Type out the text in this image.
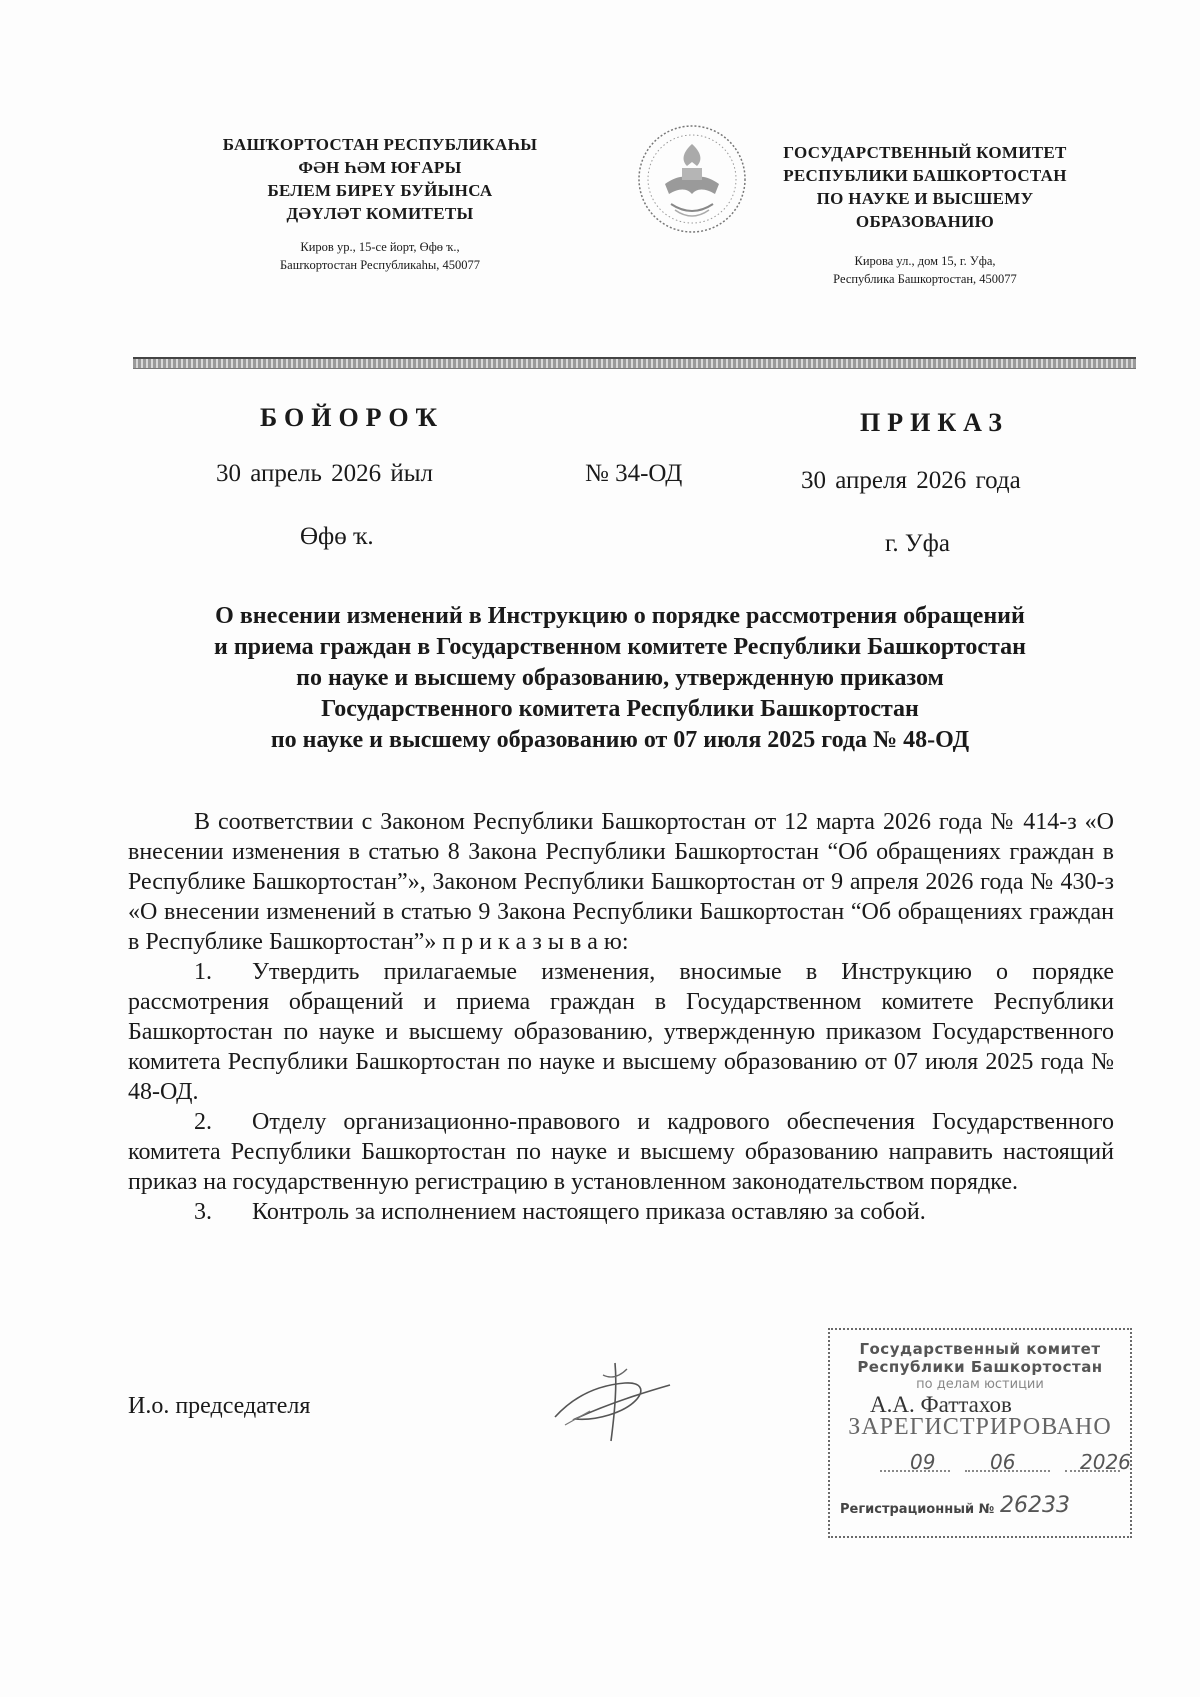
БАШҠОРТОСТАН РЕСПУБЛИКАҺЫ
ФӘН ҺӘМ ЮҒАРЫ
БЕЛЕМ БИРЕҮ БУЙЫНСА
ДӘҮЛӘТ КОМИТЕТЫ
Киров ур., 15-се йорт, Өфө ҡ.,
Башҡортостан Республикаһы, 450077
ГОСУДАРСТВЕННЫЙ КОМИТЕТ
РЕСПУБЛИКИ БАШКОРТОСТАН
ПО НАУКЕ И ВЫСШЕМУ
ОБРАЗОВАНИЮ
Кирова ул., дом 15, г. Уфа,
Республика Башкортостан, 450077
БОЙОРОҠ	ПРИКАЗ
30 апрель 2026 йыл	№ 34-ОД	30 апреля 2026 года
Өфө ҡ.	г. Уфа
О внесении изменений в Инструкцию о порядке рассмотрения обращений
и приема граждан в Государственном комитете Республики Башкортостан
по науке и высшему образованию, утвержденную приказом
Государственного комитета Республики Башкортостан
по науке и высшему образованию от 07 июля 2025 года № 48-ОД

В соответствии с Законом Республики Башкортостан от 12 марта 2026 года № 414-з «О внесении изменения в статью 8 Закона Республики Башкортостан “Об обращениях граждан в Республике Башкортостан”», Законом Республики Башкортостан от 9 апреля 2026 года № 430-з «О внесении изменений в статью 9 Закона Республики Башкортостан “Об обращениях граждан в Республике Башкортостан”» п р и к а з ы в а ю:

1. Утвердить прилагаемые изменения, вносимые в Инструкцию о порядке рассмотрения обращений и приема граждан в Государственном комитете Республики Башкортостан по науке и высшему образованию, утвержденную приказом Государственного комитета Республики Башкортостан по науке и высшему образованию от 07 июля 2025 года № 48-ОД.

2. Отделу организационно-правового и кадрового обеспечения Государственного комитета Республики Башкортостан по науке и высшему образованию направить настоящий приказ на государственную регистрацию в установленном законодательством порядке.

3. Контроль за исполнением настоящего приказа оставляю за собой.

И.о. председателя
Государственный комитет
Республики Башкортостан
по делам юстиции
А.А. Фаттахов
ЗАРЕГИСТРИРОВАНО
09	06	2026
Регистрационный № 26233
